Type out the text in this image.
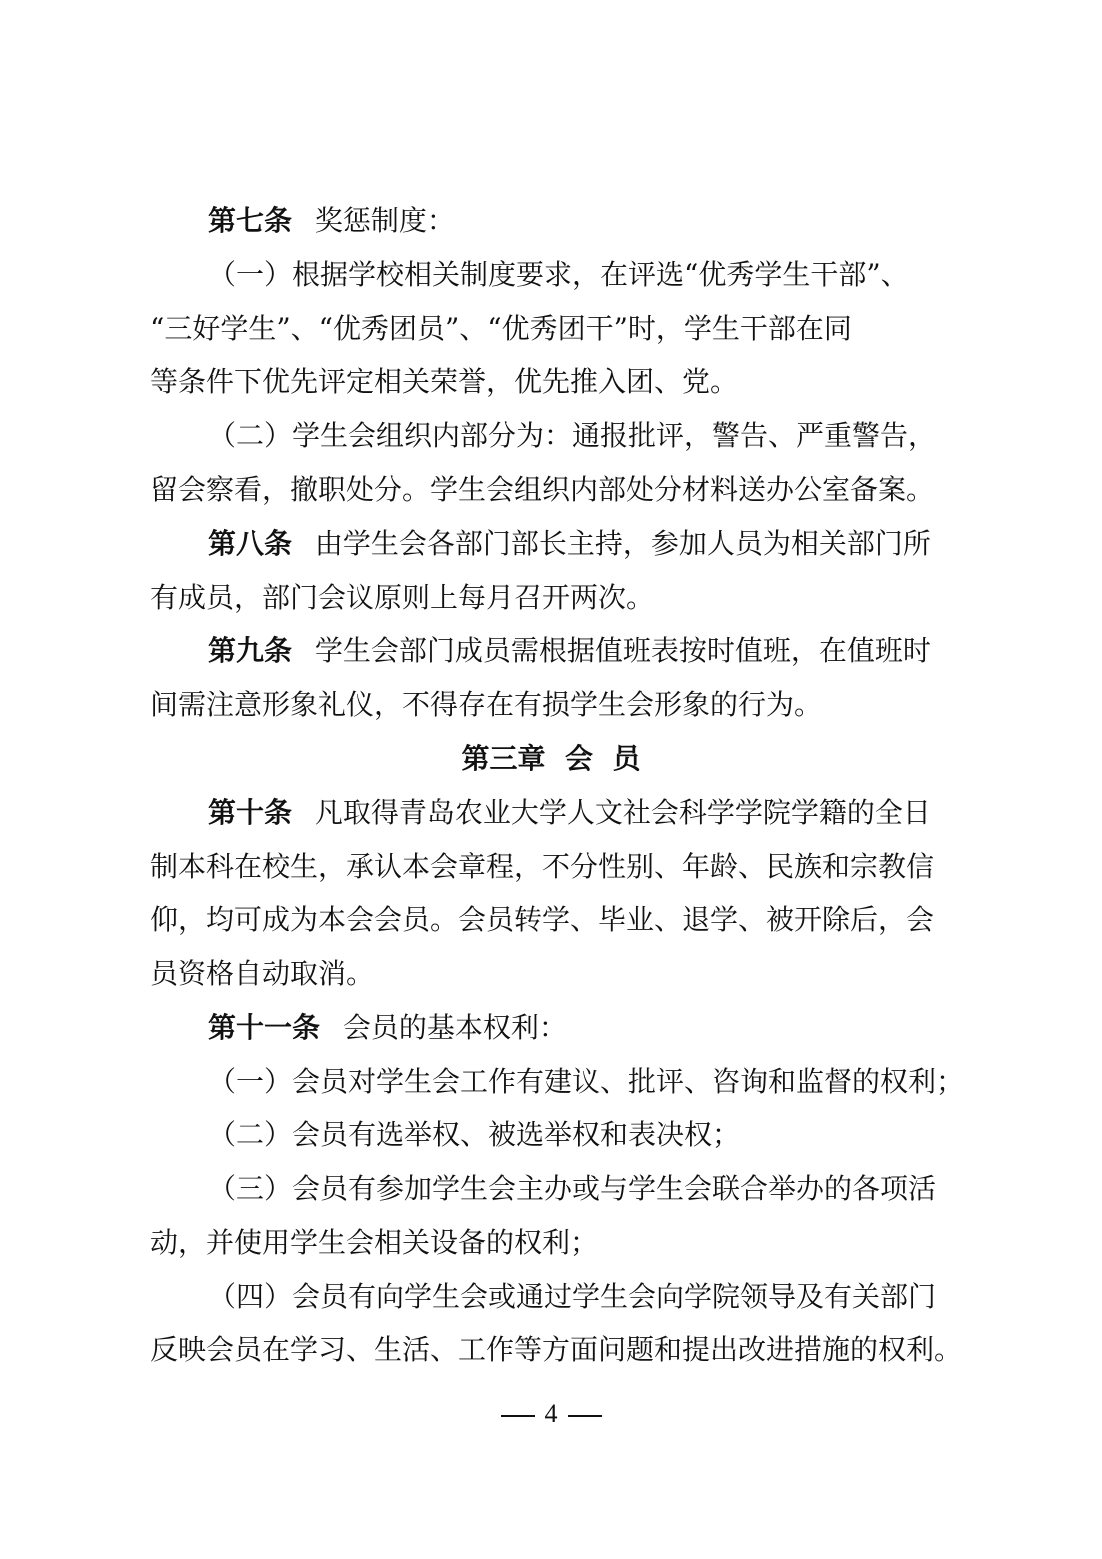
第七条 奖惩制度：
（一）根据学校相关制度要求，在评选“优秀学生干部”、
“三好学生”、“优秀团员”、“优秀团干”时，学生干部在同
等条件下优先评定相关荣誉，优先推入团、党。
（二）学生会组织内部分为：通报批评，警告、严重警告，
留会察看，撤职处分。学生会组织内部处分材料送办公室备案。
第八条 由学生会各部门部长主持，参加人员为相关部门所
有成员，部门会议原则上每月召开两次。
第九条 学生会部门成员需根据值班表按时值班，在值班时
间需注意形象礼仪，不得存在有损学生会形象的行为。
第三章  会  员
第十条 凡取得青岛农业大学人文社会科学学院学籍的全日
制本科在校生，承认本会章程，不分性别、年龄、民族和宗教信
仰，均可成为本会会员。会员转学、毕业、退学、被开除后，会
员资格自动取消。
第十一条 会员的基本权利：
（一）会员对学生会工作有建议、批评、咨询和监督的权利；
（二）会员有选举权、被选举权和表决权；
（三）会员有参加学生会主办或与学生会联合举办的各项活
动，并使用学生会相关设备的权利；
（四）会员有向学生会或通过学生会向学院领导及有关部门
反映会员在学习、生活、工作等方面问题和提出改进措施的权利。
4
